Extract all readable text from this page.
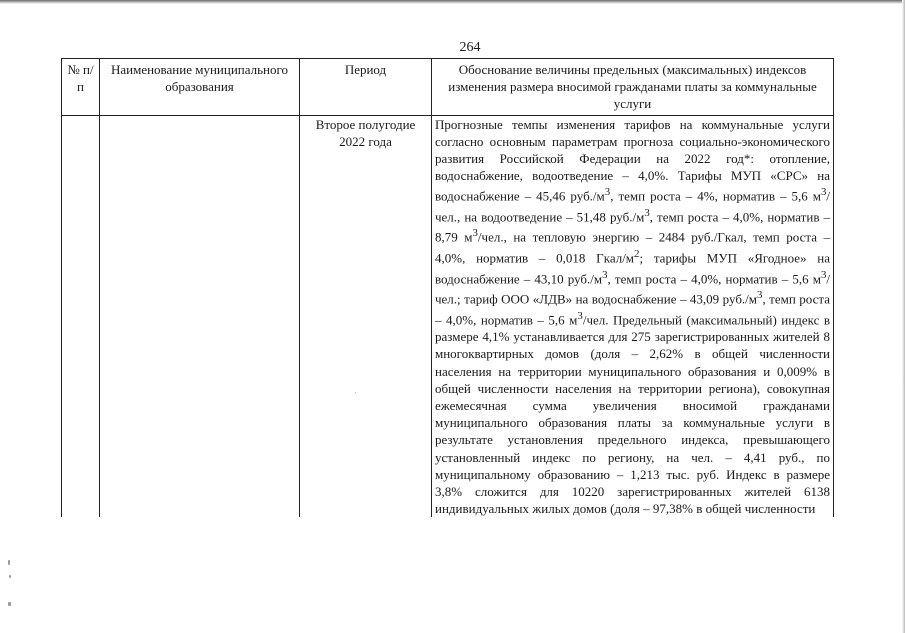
264
№ п/п	Наименование муниципального образования	Период	Обоснование величины предельных (максимальных) индексов изменения размера вносимой гражданами платы за коммунальные услуги
		Второе полугодие 2022 года	Прогнозные темпы изменения тарифов на коммунальные услуги согласно основным параметрам прогноза социально-экономического развития Российской Федерации на 2022 год*: отопление, водоснабжение, водоотведение – 4,0%. Тарифы МУП «СРС» на водоснабжение – 45,46 $руб./м^3$, темп роста – 4%, норматив – 5,6 $м^3$/чел., на водоотведение – 51,48 $руб./м^3$, темп роста – 4,0%, норматив – 8,79 $м^3$/чел., на тепловую энергию – 2484 руб./Гкал, темп роста – 4,0%, норматив – 0,018 Гкал/$м^2$; тарифы МУП «Ягодное» на водоснабжение – 43,10 $руб./м^3$, темп роста – 4,0%, норматив – 5,6 $м^3$/чел.; тариф ООО «ЛДВ» на водоснабжение – 43,09 $руб./м^3$, темп роста – 4,0%, норматив – 5,6 $м^3$/чел. Предельный (максимальный) индекс в размере 4,1% устанавливается для 275 зарегистрированных жителей 8 многоквартирных домов (доля – 2,62% в общей численности населения на территории муниципального образования и 0,009% в общей численности населения на территории региона), совокупная ежемесячная сумма увеличения вносимой гражданами муниципального образования платы за коммунальные услуги в результате установления предельного индекса, превышающего установленный индекс по региону, на чел. – 4,41 руб., по муниципальному образованию – 1,213 тыс. руб. Индекс в размере 3,8% сложится для 10220 зарегистрированных жителей 6138 индивидуальных жилых домов (доля – 97,38% в общей численности
